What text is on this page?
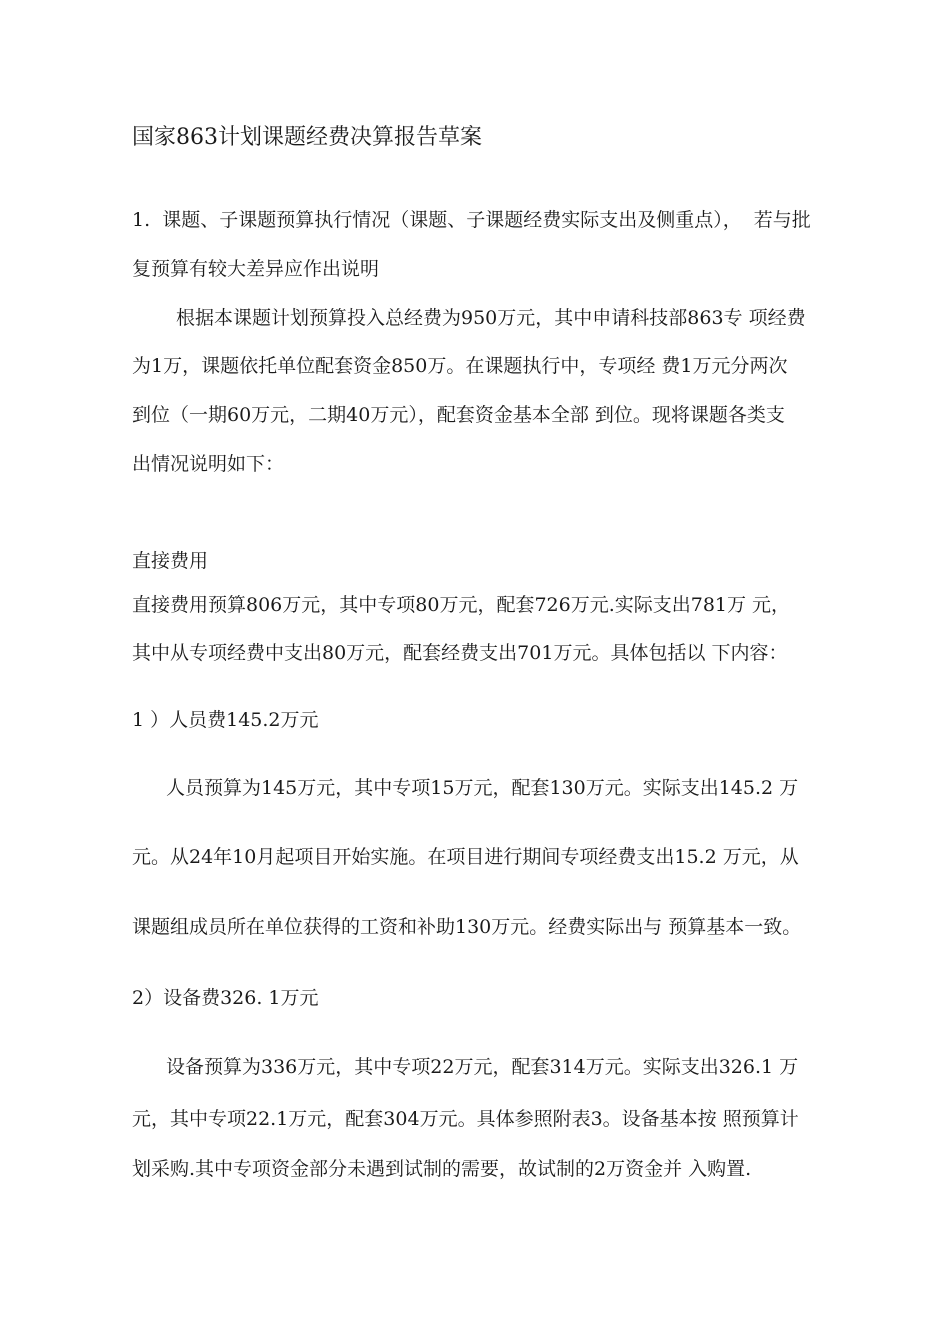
国家863计划课题经费决算报告草案
1.  课题、子课题预算执行情况（课题、子课题经费实际支出及侧重点），  若与批
复预算有较大差异应作出说明
根据本课题计划预算投入总经费为950万元，其中申请科技部863专 项经费
为1万，课题依托单位配套资金850万。在课题执行中，专项经 费1万元分两次
到位（一期60万元，二期40万元），配套资金基本全部 到位。现将课题各类支
出情况说明如下：
直接费用
直接费用预算806万元，其中专项80万元，配套726万元.实际支出781万 元，
其中从专项经费中支出80万元，配套经费支出701万元。具体包括以 下内容：
1 ）人员费145.2万元
人员预算为145万元，其中专项15万元，配套130万元。实际支出145.2 万
元。从24年10月起项目开始实施。在项目进行期间专项经费支出15.2 万元，从
课题组成员所在单位获得的工资和补助130万元。经费实际出与 预算基本一致。
2）设备费326. 1万元
设备预算为336万元，其中专项22万元，配套314万元。实际支出326.1 万
元，其中专项22.1万元，配套304万元。具体参照附表3。设备基本按 照预算计
划采购.其中专项资金部分未遇到试制的需要，故试制的2万资金并 入购置.
